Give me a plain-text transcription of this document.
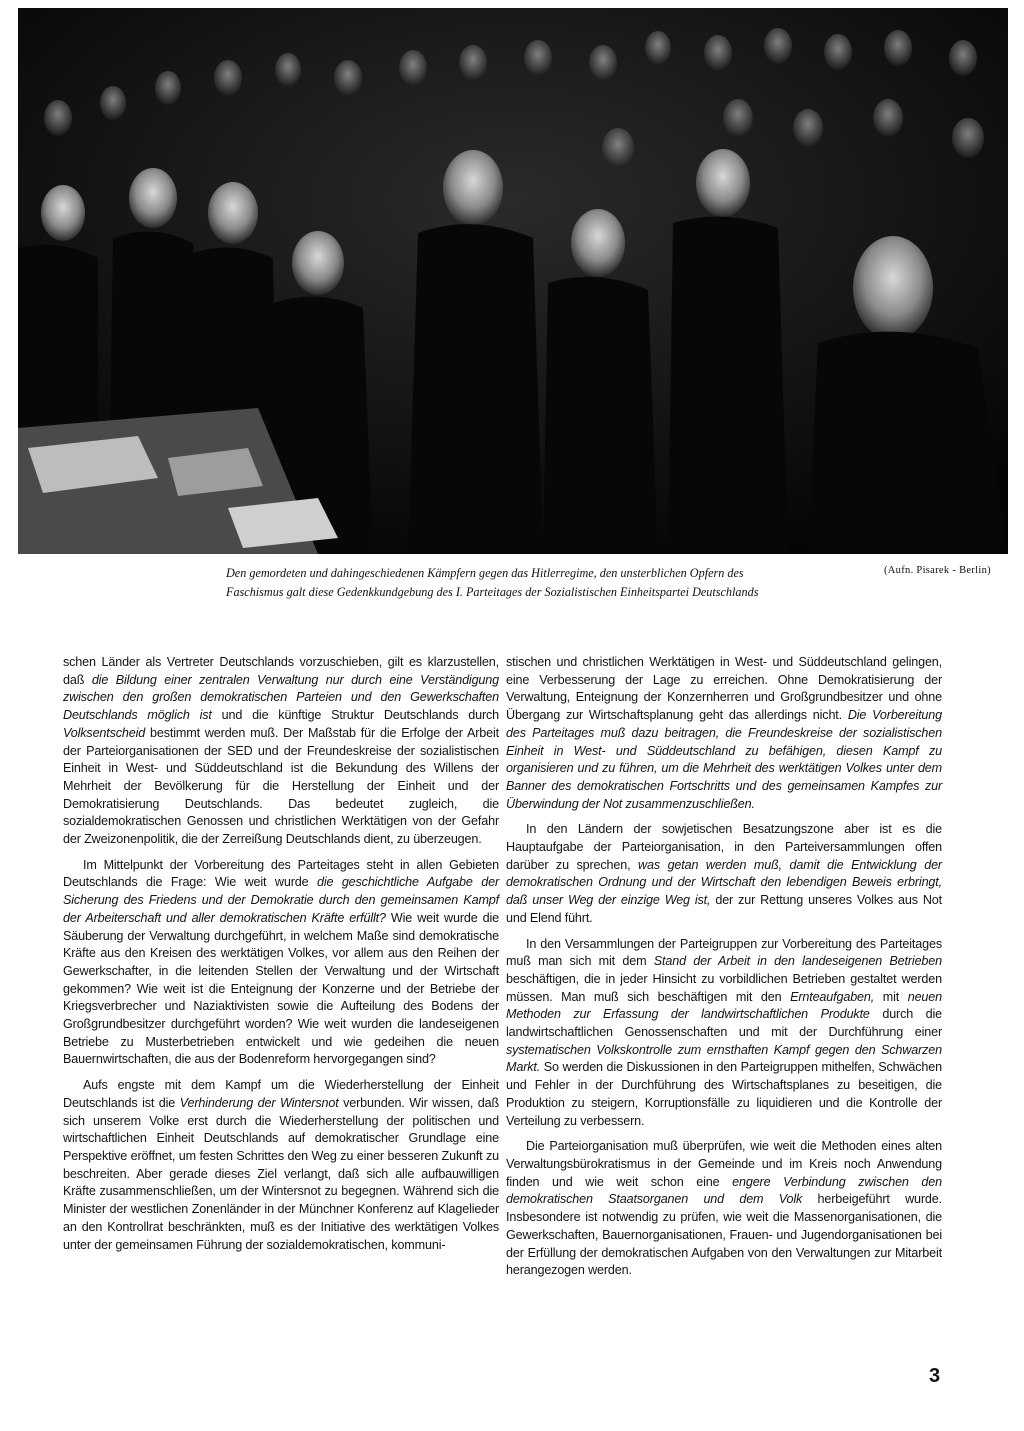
Den gemordeten und dahingeschiedenen Kämpfern gegen das Hitlerregime, den unsterblichen Opfern des
Faschismus galt diese Gedenkkundgebung des I. Parteitages der Sozialistischen Einheitspartei Deutschlands
(Aufn. Pisarek - Berlin)

schen Länder als Vertreter Deutschlands vorzuschieben, gilt es klarzustellen, daß die Bildung einer zentralen Verwaltung nur durch eine Verständigung zwischen den großen demokratischen Parteien und den Gewerkschaften Deutschlands möglich ist und die künftige Struktur Deutschlands durch Volksentscheid bestimmt werden muß. Der Maßstab für die Erfolge der Arbeit der Parteiorganisationen der SED und der Freundeskreise der sozialistischen Einheit in West- und Süddeutschland ist die Bekundung des Willens der Mehrheit der Bevölkerung für die Herstellung der Einheit und der Demokratisierung Deutschlands. Das bedeutet zugleich, die sozialdemokratischen Genossen und christlichen Werktätigen von der Gefahr der Zweizonenpolitik, die der Zerreißung Deutschlands dient, zu überzeugen.

Im Mittelpunkt der Vorbereitung des Parteitages steht in allen Gebieten Deutschlands die Frage: Wie weit wurde die geschichtliche Aufgabe der Sicherung des Friedens und der Demokratie durch den gemeinsamen Kampf der Arbeiterschaft und aller demokratischen Kräfte erfüllt? Wie weit wurde die Säuberung der Verwaltung durchgeführt, in welchem Maße sind demokratische Kräfte aus den Kreisen des werktätigen Volkes, vor allem aus den Reihen der Gewerkschafter, in die leitenden Stellen der Verwaltung und der Wirtschaft gekommen? Wie weit ist die Enteignung der Konzerne und der Betriebe der Kriegsverbrecher und Naziaktivisten sowie die Aufteilung des Bodens der Großgrundbesitzer durchgeführt worden? Wie weit wurden die landeseigenen Betriebe zu Musterbetrieben entwickelt und wie gedeihen die neuen Bauernwirtschaften, die aus der Bodenreform hervorgegangen sind?

Aufs engste mit dem Kampf um die Wiederherstellung der Einheit Deutschlands ist die Verhinderung der Wintersnot verbunden. Wir wissen, daß sich unserem Volke erst durch die Wiederherstellung der politischen und wirtschaftlichen Einheit Deutschlands auf demokratischer Grundlage eine Perspektive eröffnet, um festen Schrittes den Weg zu einer besseren Zukunft zu beschreiten. Aber gerade dieses Ziel verlangt, daß sich alle aufbauwilligen Kräfte zusammenschließen, um der Wintersnot zu begegnen. Während sich die Minister der westlichen Zonenländer in der Münchner Konferenz auf Klagelieder an den Kontrollrat beschränkten, muß es der Initiative des werktätigen Volkes unter der gemeinsamen Führung der sozialdemokratischen, kommuni-

stischen und christlichen Werktätigen in West- und Süddeutschland gelingen, eine Verbesserung der Lage zu erreichen. Ohne Demokratisierung der Verwaltung, Enteignung der Konzernherren und Großgrundbesitzer und ohne Übergang zur Wirtschaftsplanung geht das allerdings nicht. Die Vorbereitung des Parteitages muß dazu beitragen, die Freundeskreise der sozialistischen Einheit in West- und Süddeutschland zu befähigen, diesen Kampf zu organisieren und zu führen, um die Mehrheit des werktätigen Volkes unter dem Banner des demokratischen Fortschritts und des gemeinsamen Kampfes zur Überwindung der Not zusammenzuschließen.

In den Ländern der sowjetischen Besatzungszone aber ist es die Hauptaufgabe der Parteiorganisation, in den Parteiversammlungen offen darüber zu sprechen, was getan werden muß, damit die Entwicklung der demokratischen Ordnung und der Wirtschaft den lebendigen Beweis erbringt, daß unser Weg der einzige Weg ist, der zur Rettung unseres Volkes aus Not und Elend führt.

In den Versammlungen der Parteigruppen zur Vorbereitung des Parteitages muß man sich mit dem Stand der Arbeit in den landeseigenen Betrieben beschäftigen, die in jeder Hinsicht zu vorbildlichen Betrieben gestaltet werden müssen. Man muß sich beschäftigen mit den Ernteaufgaben, mit neuen Methoden zur Erfassung der landwirtschaftlichen Produkte durch die landwirtschaftlichen Genossenschaften und mit der Durchführung einer systematischen Volkskontrolle zum ernsthaften Kampf gegen den Schwarzen Markt. So werden die Diskussionen in den Parteigruppen mithelfen, Schwächen und Fehler in der Durchführung des Wirtschaftsplanes zu beseitigen, die Produktion zu steigern, Korruptionsfälle zu liquidieren und die Kontrolle der Verteilung zu verbessern.

Die Parteiorganisation muß überprüfen, wie weit die Methoden eines alten Verwaltungsbürokratismus in der Gemeinde und im Kreis noch Anwendung finden und wie weit schon eine engere Verbindung zwischen den demokratischen Staatsorganen und dem Volk herbeigeführt wurde. Insbesondere ist notwendig zu prüfen, wie weit die Massenorganisationen, die Gewerkschaften, Bauernorganisationen, Frauen- und Jugendorganisationen bei der Erfüllung der demokratischen Aufgaben von den Verwaltungen zur Mitarbeit herangezogen werden.

3
